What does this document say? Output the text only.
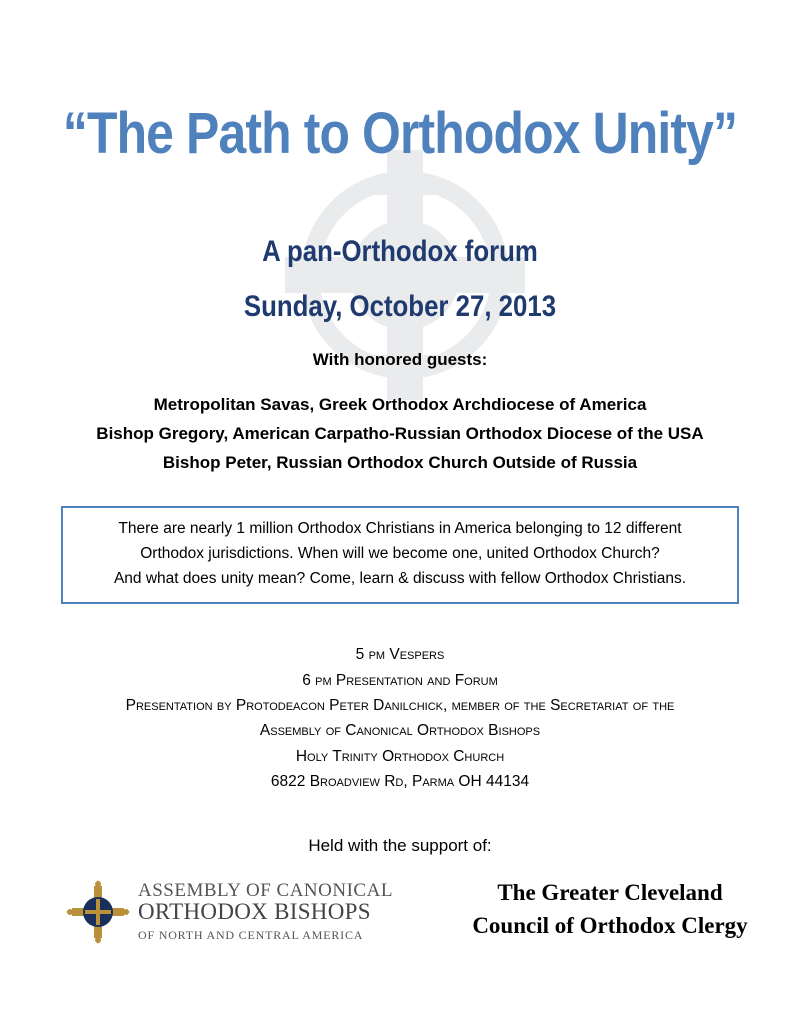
“The Path to Orthodox Unity”
A pan-Orthodox forum
Sunday, October 27, 2013
With honored guests:
Metropolitan Savas, Greek Orthodox Archdiocese of America
Bishop Gregory, American Carpatho-Russian Orthodox Diocese of the USA
Bishop Peter, Russian Orthodox Church Outside of Russia
There are nearly 1 million Orthodox Christians in America belonging to 12 different
Orthodox jurisdictions. When will we become one, united Orthodox Church?
And what does unity mean? Come, learn & discuss with fellow Orthodox Christians.
5 pm Vespers
6 pm Presentation and Forum
Presentation by Protodeacon Peter Danilchick, member of the Secretariat of the
Assembly of Canonical Orthodox Bishops
Holy Trinity Orthodox Church
6822 Broadview Rd, Parma OH 44134
Held with the support of:
ASSEMBLY OF CANONICAL
ORTHODOX BISHOPS
OF NORTH AND CENTRAL AMERICA
The Greater Cleveland
Council of Orthodox Clergy
